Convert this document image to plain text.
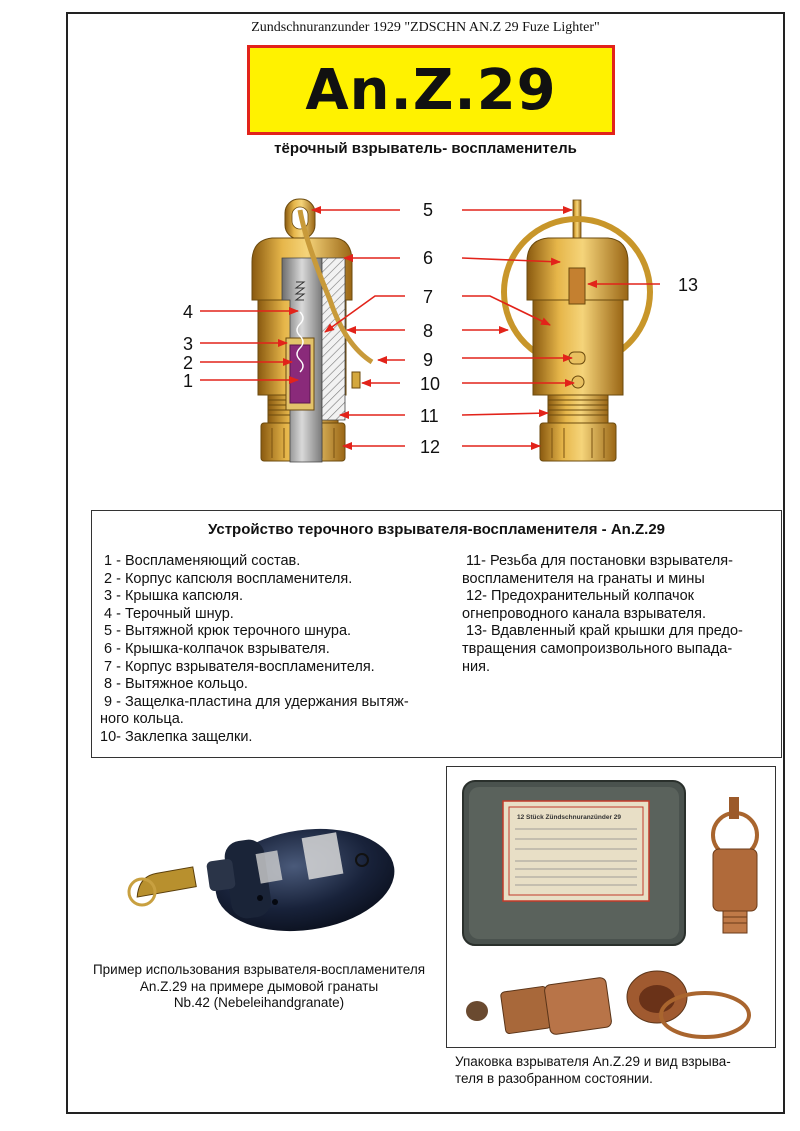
Zundschnuranzunder 1929 "ZDSCHN AN.Z 29 Fuze Lighter"
An.Z.29
тёрочный взрыватель- воспламенитель
5
6
7
8
9
10
11
12
13
4
3
2
1
Устройство терочного взрывателя-воспламенителя - An.Z.29

1 - Воспламеняющий состав.

2 - Корпус капсюля воспламенителя.

3 - Крышка капсюля.

4 - Терочный шнур.

5 - Вытяжной крюк терочного шнура.

6 - Крышка-колпачок взрывателя.

7 - Корпус взрывателя-воспламенителя.

8 - Вытяжное кольцо.

9 - Защелка-пластина для удержания вытяж-
ного кольца.

10- Заклепка защелки.

11- Резьба для постановки взрывателя-
воспламенителя на гранаты и мины

12- Предохранительный колпачок
огнепроводного канала взрывателя.

13- Вдавленный край крышки для предо-
твращения самопроизвольного выпада-
ния.

Пример использования взрывателя-воспламенителя
An.Z.29 на примере дымовой гранаты
Nb.42 (Nebeleihandgranate)
12 Stück Zündschnuranzünder 29
Упаковка взрывателя An.Z.29 и вид взрыва-
теля в разобранном состоянии.
